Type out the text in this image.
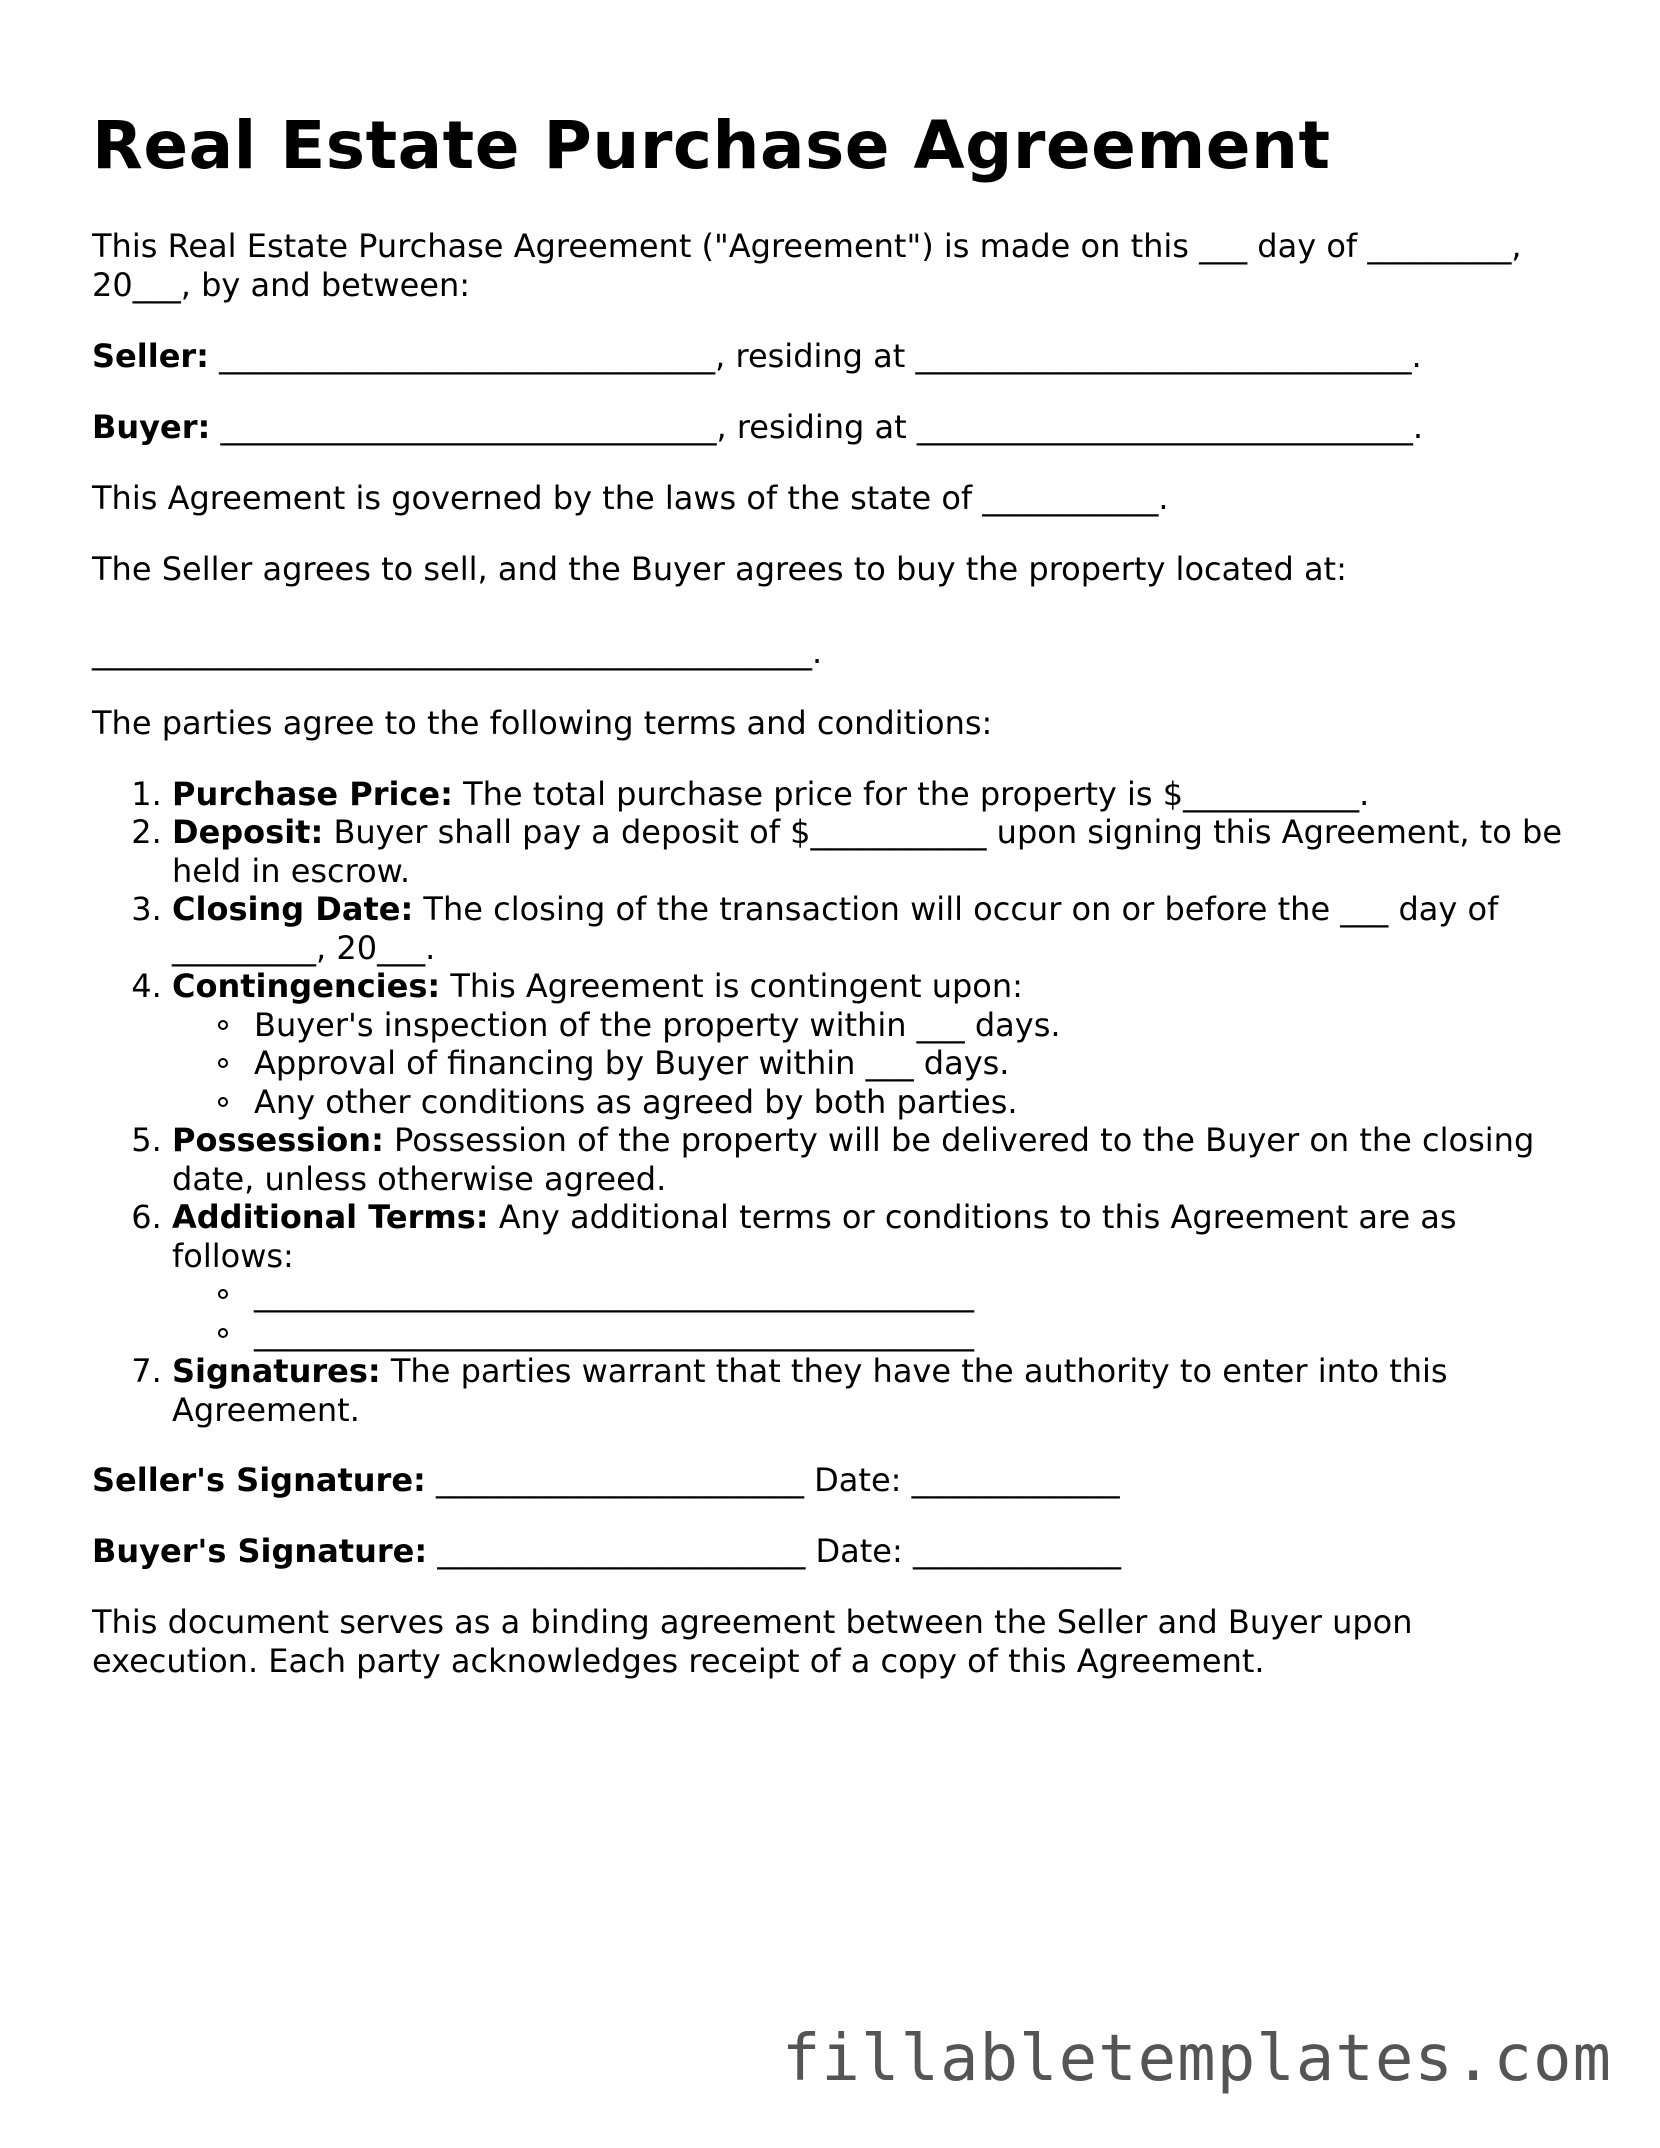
Real Estate Purchase Agreement

This Real Estate Purchase Agreement ("Agreement") is made on this ___ day of _________, 20___, by and between:

Seller: _______________________________, residing at _______________________________.

Buyer: _______________________________, residing at _______________________________.

This Agreement is governed by the laws of the state of ___________.

The Seller agrees to sell, and the Buyer agrees to buy the property located at:

_____________________________________________.

The parties agree to the following terms and conditions:

1. Purchase Price: The total purchase price for the property is $___________.
2. Deposit: Buyer shall pay a deposit of $___________ upon signing this Agreement, to be held in escrow.
3. Closing Date: The closing of the transaction will occur on or before the ___ day of _________, 20___.
4. Contingencies: This Agreement is contingent upon:
Buyer's inspection of the property within ___ days.
Approval of financing by Buyer within ___ days.
Any other conditions as agreed by both parties.
5. Possession: Possession of the property will be delivered to the Buyer on the closing date, unless otherwise agreed.
6. Additional Terms: Any additional terms or conditions to this Agreement are as follows:
_____________________________________________
_____________________________________________
7. Signatures: The parties warrant that they have the authority to enter into this Agreement.

Seller's Signature: _______________________ Date: _____________

Buyer's Signature: _______________________ Date: _____________

This document serves as a binding agreement between the Seller and Buyer upon execution. Each party acknowledges receipt of a copy of this Agreement.

fillabletemplates.com
